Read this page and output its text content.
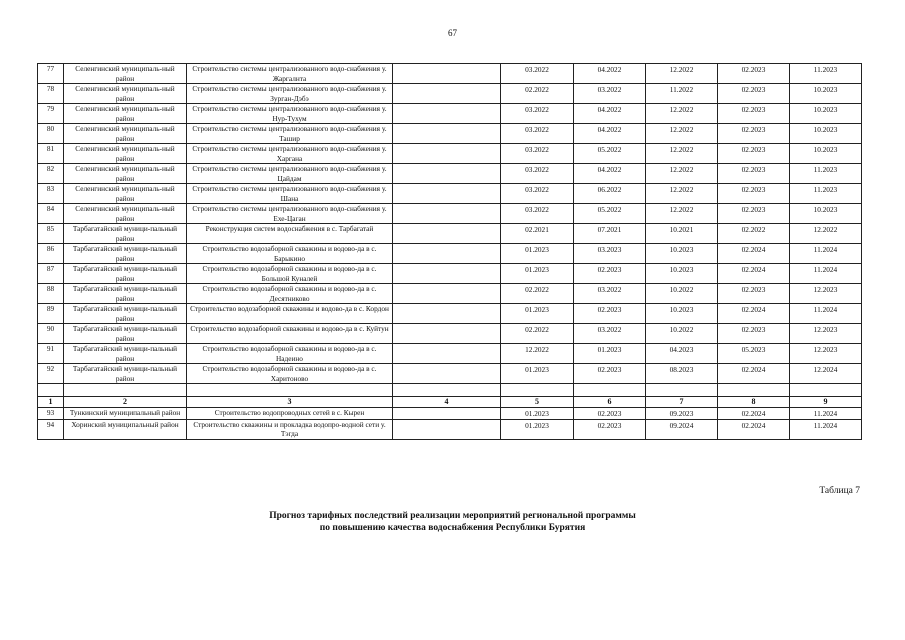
67
77	Селенгинский муниципаль-ный район	Строительство системы централизованного водо-снабжения у. Жаргалнта		03.2022	04.2022	12.2022	02.2023	11.2023
78	Селенгинский муниципаль-ный район	Строительство системы централизованного водо-снабжения у. Зурган-Дэбэ		02.2022	03.2022	11.2022	02.2023	10.2023
79	Селенгинский муниципаль-ный район	Строительство системы централизованного водо-снабжения у. Нур-Тухум		03.2022	04.2022	12.2022	02.2023	10.2023
80	Селенгинский муниципаль-ный район	Строительство системы централизованного водо-снабжения у. Ташир		03.2022	04.2022	12.2022	02.2023	10.2023
81	Селенгинский муниципаль-ный район	Строительство системы централизованного водо-снабжения у. Харгана		03.2022	05.2022	12.2022	02.2023	10.2023
82	Селенгинский муниципаль-ный район	Строительство системы централизованного водо-снабжения у. Цайдам		03.2022	04.2022	12.2022	02.2023	11.2023
83	Селенгинский муниципаль-ный район	Строительство системы централизованного водо-снабжения у. Шана		03.2022	06.2022	12.2022	02.2023	11.2023
84	Селенгинский муниципаль-ный район	Строительство системы централизованного водо-снабжения у. Ехе-Цаган		03.2022	05.2022	12.2022	02.2023	10.2023
85	Тарбагатайский муници-пальный район	Реконструкция систем водоснабжения в с. Тарбагатай		02.2021	07.2021	10.2021	02.2022	12.2022
86	Тарбагатайский муници-пальный район	Строительство водозаборной скважины и водово-да в с. Барыкино		01.2023	03.2023	10.2023	02.2024	11.2024
87	Тарбагатайский муници-пальный район	Строительство водозаборной скважины и водово-да в с. Большой Куналей		01.2023	02.2023	10.2023	02.2024	11.2024
88	Тарбагатайский муници-пальный район	Строительство водозаборной скважины и водово-да в с. Десятниково		02.2022	03.2022	10.2022	02.2023	12.2023
89	Тарбагатайский муници-пальный район	Строительство водозаборной скважины и водово-да в с. Кордон		01.2023	02.2023	10.2023	02.2024	11.2024
90	Тарбагатайский муници-пальный район	Строительство водозаборной скважины и водово-да в с. Куйтун		02.2022	03.2022	10.2022	02.2023	12.2023
91	Тарбагатайский муници-пальный район	Строительство водозаборной скважины и водово-да в с. Надеино		12.2022	01.2023	04.2023	05.2023	12.2023
92	Тарбагатайский муници-пальный район	Строительство водозаборной скважины и водово-да в с. Харитоново		01.2023	02.2023	08.2023	02.2024	12.2024

1	2	3	4	5	6	7	8	9
93	Тункинский муниципальный район	Строительство водопроводных сетей в с. Кырен		01.2023	02.2023	09.2023	02.2024	11.2024
94	Хоринский муниципальный район	Строительство скважины и прокладка водопро-водной сети у. Тэгда		01.2023	02.2023	09.2024	02.2024	11.2024
Таблица 7
Прогноз тарифных последствий реализации мероприятий региональной программы
по повышению качества водоснабжения Республики Бурятия
